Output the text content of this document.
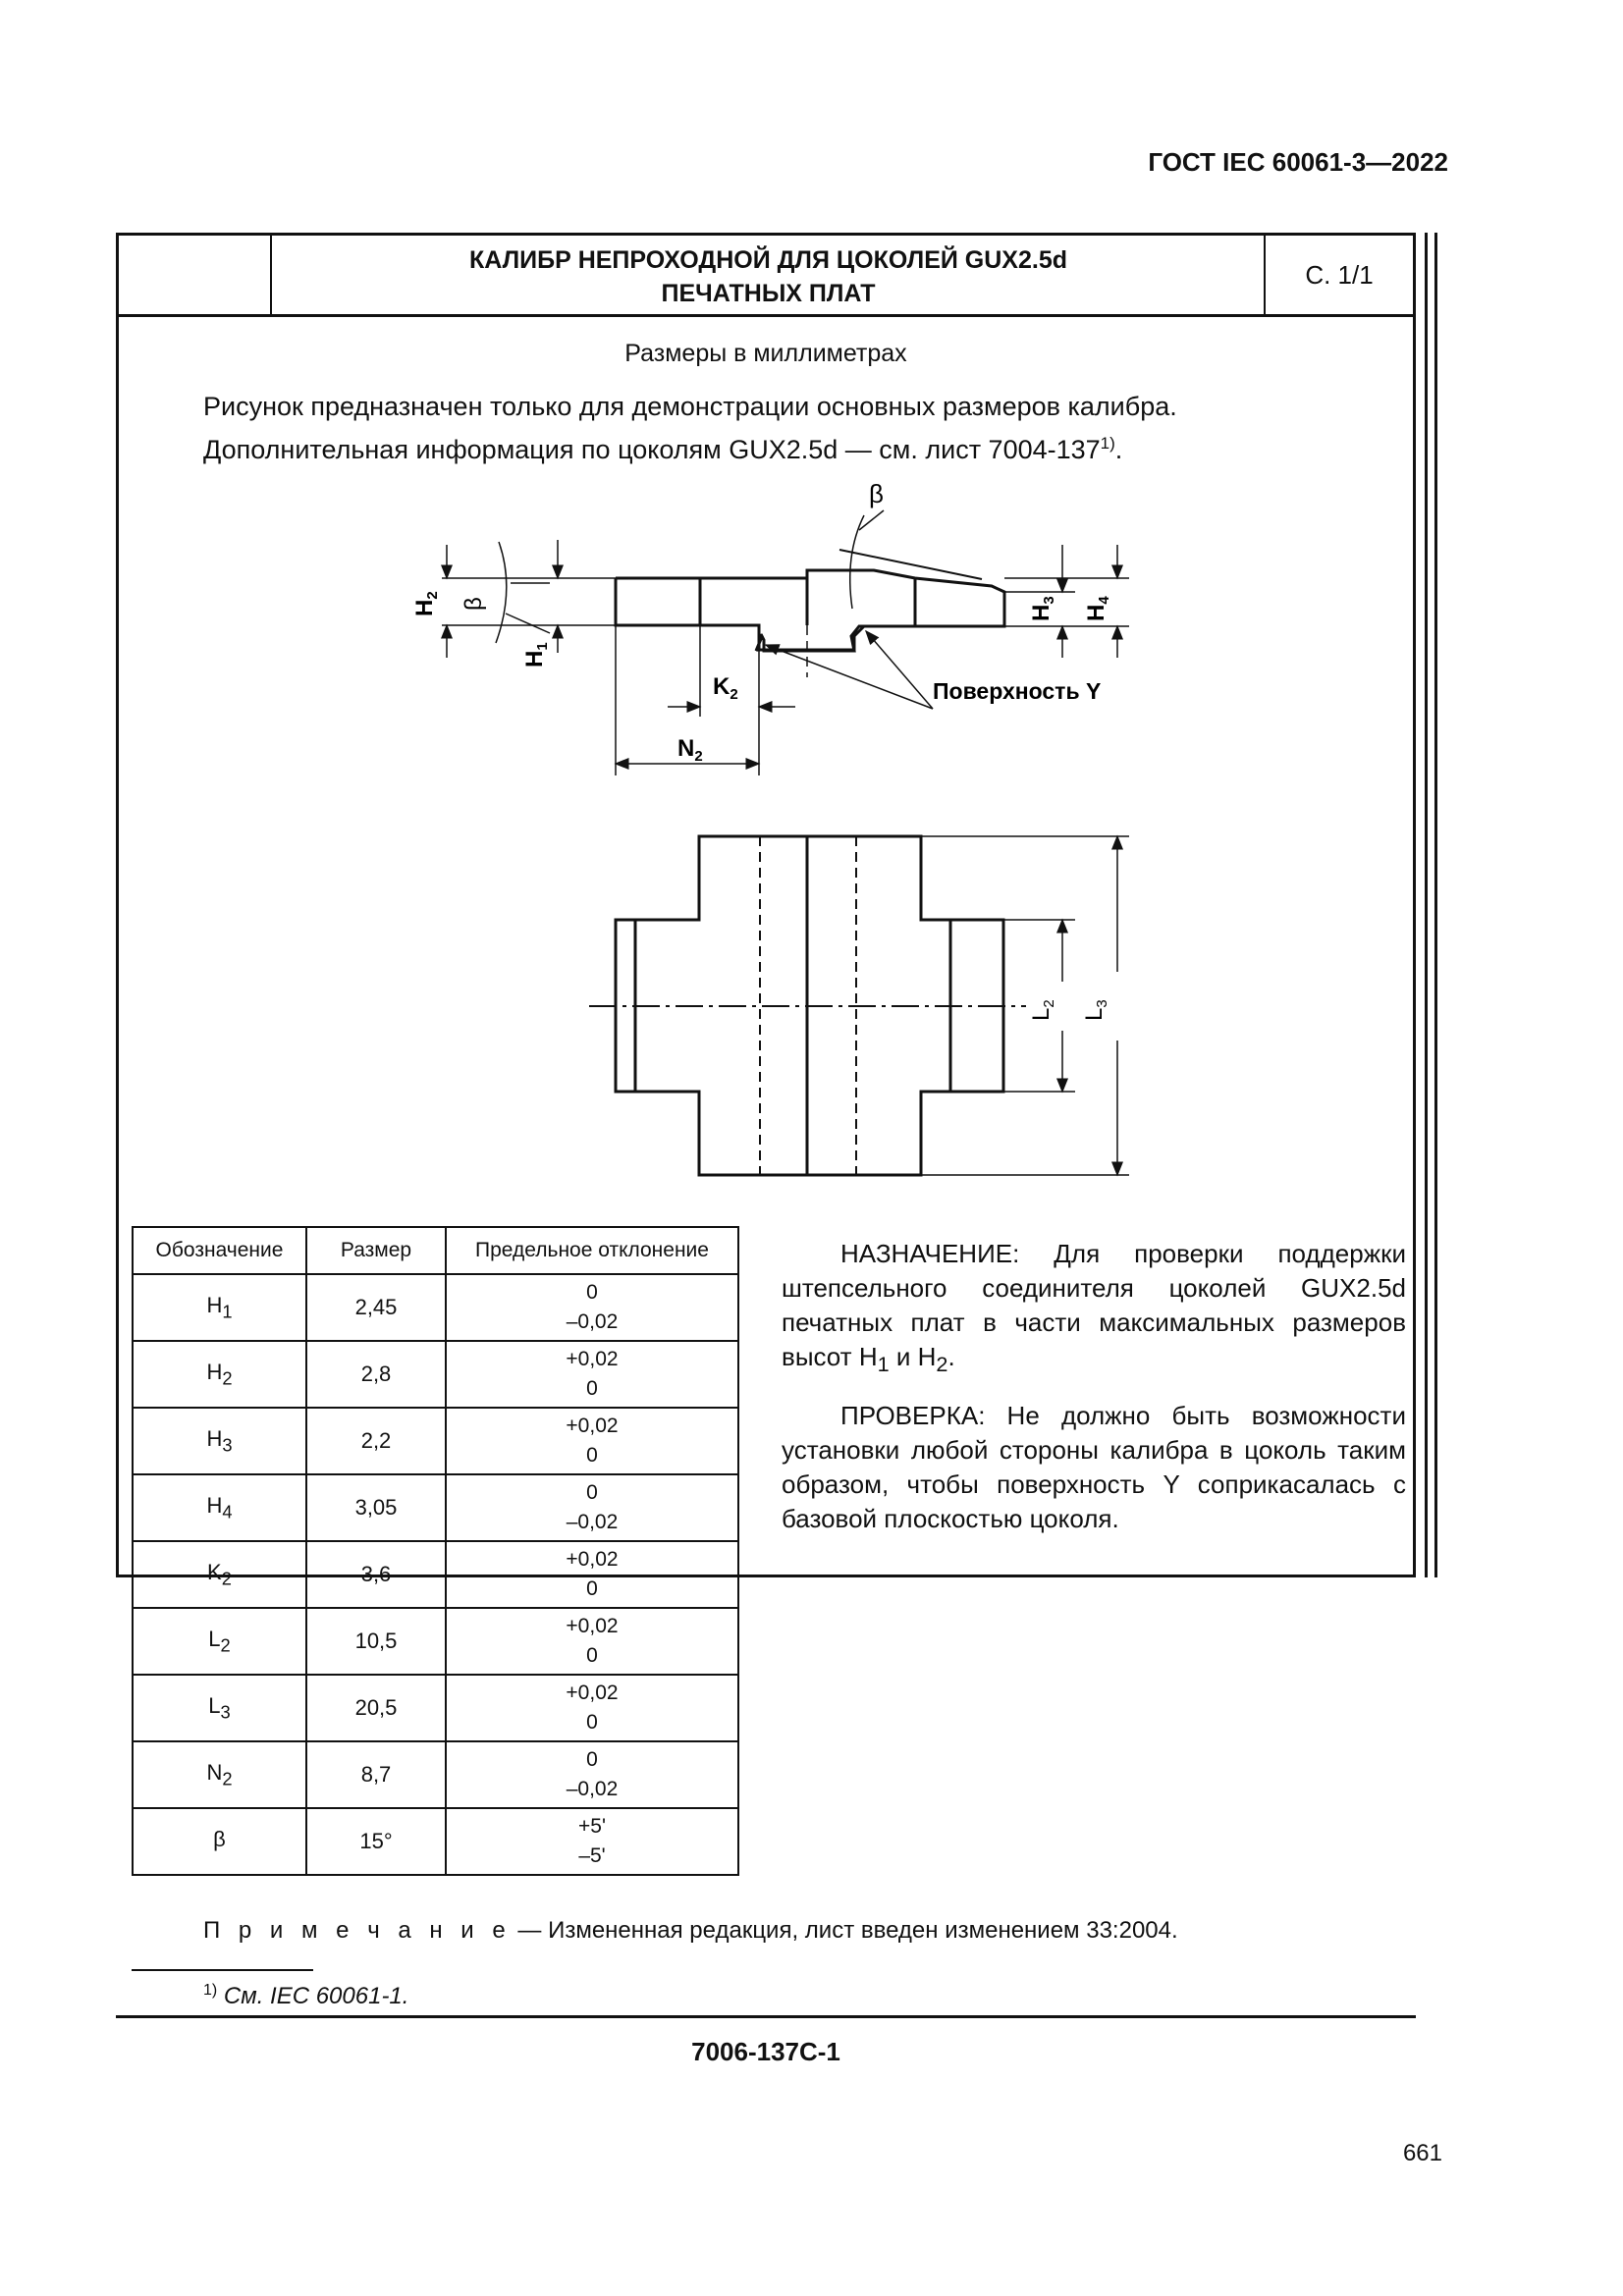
ГОСТ IEC 60061-3—2022
КАЛИБР НЕПРОХОДНОЙ ДЛЯ ЦОКОЛЕЙ GUX2.5d
ПЕЧАТНЫХ ПЛАТ
С. 1/1
Размеры в миллиметрах
Рисунок предназначен только для демонстрации основных размеров калибра.
Дополнительная информация по цоколям GUX2.5d — см. лист 7004-137$^{1)}$.
β
$H_2$
β
$H_1$
$H_3$
$H_4$
$K_2$
$N_2$
Поверхность Y
$L_2$
$L_3$
Обозначение	Размер	Предельное отклонение
$H_1$	2,45	0
–0,02

$H_2$	2,8	+0,02
0

$H_3$	2,2	+0,02
0

$H_4$	3,05	0
–0,02

$K_2$	3,6	+0,02
0

$L_2$	10,5	+0,02
0

$L_3$	20,5	+0,02
0

$N_2$	8,7	0
–0,02

β	15°	+5'
–5'

НАЗНАЧЕНИЕ: Для проверки поддержки штепсельного соединителя цоколей GUX2.5d печатных плат в части максимальных размеров высот $H_1$ и $H_2$.

ПРОВЕРКА: Не должно быть возможности установки любой стороны калибра в цоколь таким образом, чтобы поверхность Y соприкасалась с базовой плоскостью цоколя.

П р и м е ч а н и е — Измененная редакция, лист введен изменением 33:2004.
$^{1)}$ См. IEC 60061-1.
7006-137C-1
661
